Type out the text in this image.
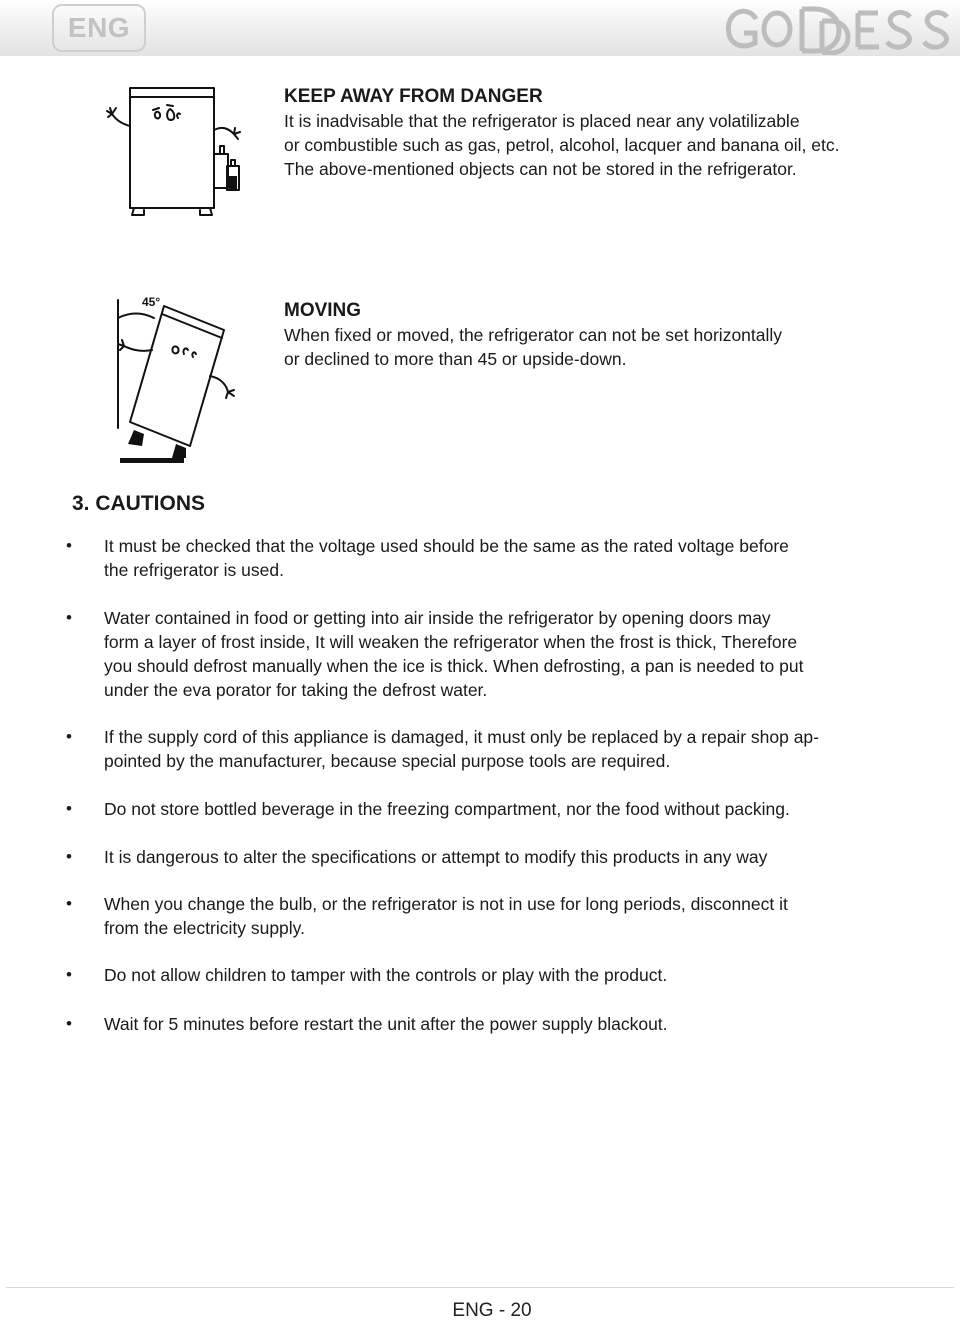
ENG
KEEP AWAY FROM DANGER

It is inadvisable that the refrigerator is placed near any volatilizable

or combustible such as gas, petrol, alcohol, lacquer and banana oil, etc.

The above-mentioned objects can not be stored in the refrigerator.

45°	MOVING

When fixed or moved, the refrigerator can not be set horizontally

or declined to more than 45 or upside-down.

3. CAUTIONS
• It must be checked that the voltage used should be the same as the rated voltage before

the refrigerator is used.

• Water contained in food or getting into air inside the refrigerator by opening doors may

form a layer of frost inside, It will weaken the refrigerator when the frost is thick, Therefore

you should defrost manually when the ice is thick. When defrosting, a pan is needed to put

under the eva porator for taking the defrost water.

• If the supply cord of this appliance is damaged, it must only be replaced by a repair shop ap-

pointed by the manufacturer, because special purpose tools are required.

• Do not store bottled beverage in the freezing compartment, nor the food without packing.

• It is dangerous to alter the specifications or attempt to modify this products in any way

• When you change the bulb, or the refrigerator is not in use for long periods, disconnect it

from the electricity supply.

• Do not allow children to tamper with the controls or play with the product.

• Wait for 5 minutes before restart the unit after the power supply blackout.

ENG - 20
